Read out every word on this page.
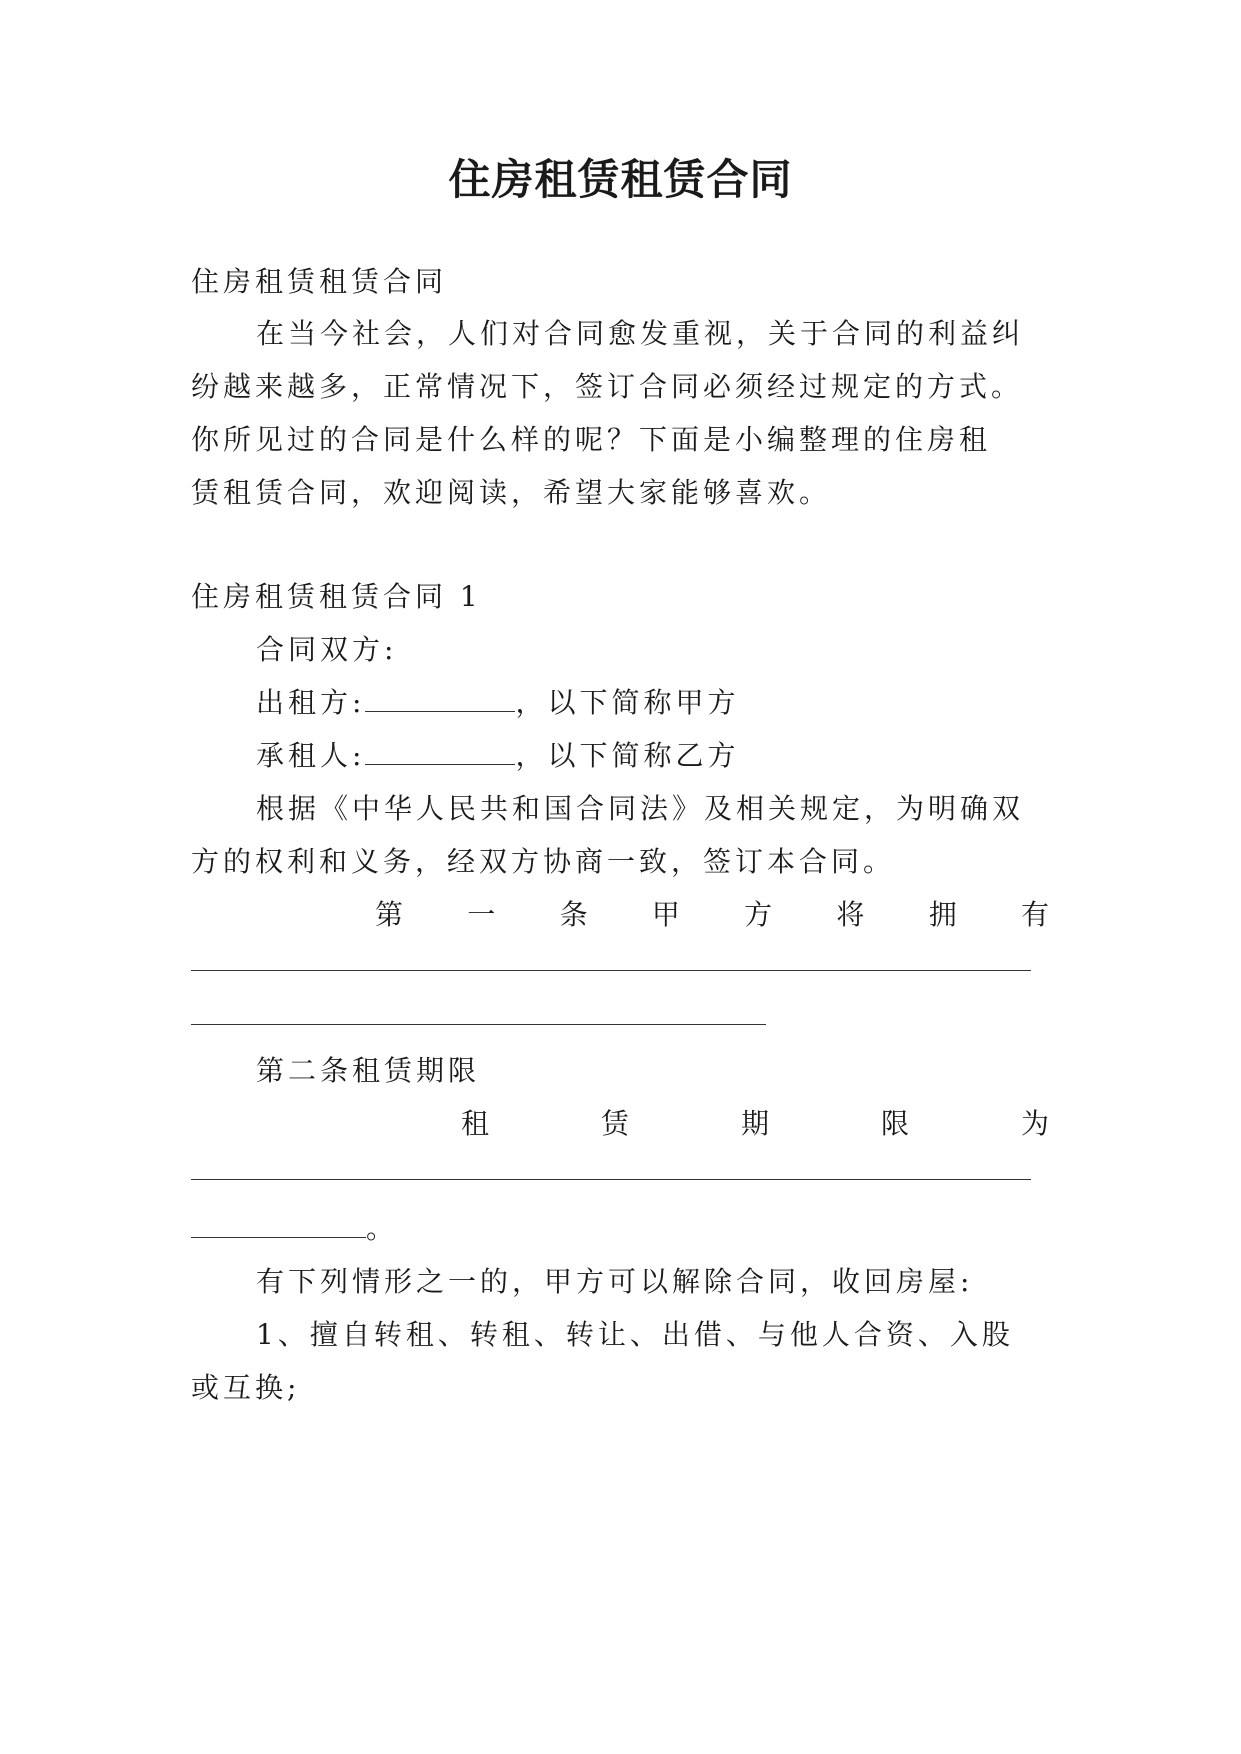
住房租赁租赁合同
住房租赁租赁合同
在当今社会，人们对合同愈发重视，关于合同的利益纠
纷越来越多，正常情况下，签订合同必须经过规定的方式。
你所见过的合同是什么样的呢？下面是小编整理的住房租
赁租赁合同，欢迎阅读，希望大家能够喜欢。
住房租赁租赁合同 1
合同双方:
出租方:	，以下简称甲方
承租人:	，以下简称乙方
根据《中华人民共和国合同法》及相关规定，为明确双
方的权利和义务，经双方协商一致，签订本合同。
第 一 条 甲 方 将 拥 有
第二条租赁期限
租	赁	期	限	为
。
有下列情形之一的，甲方可以解除合同，收回房屋:
1、擅自转租、转租、转让、出借、与他人合资、入股
或互换;
